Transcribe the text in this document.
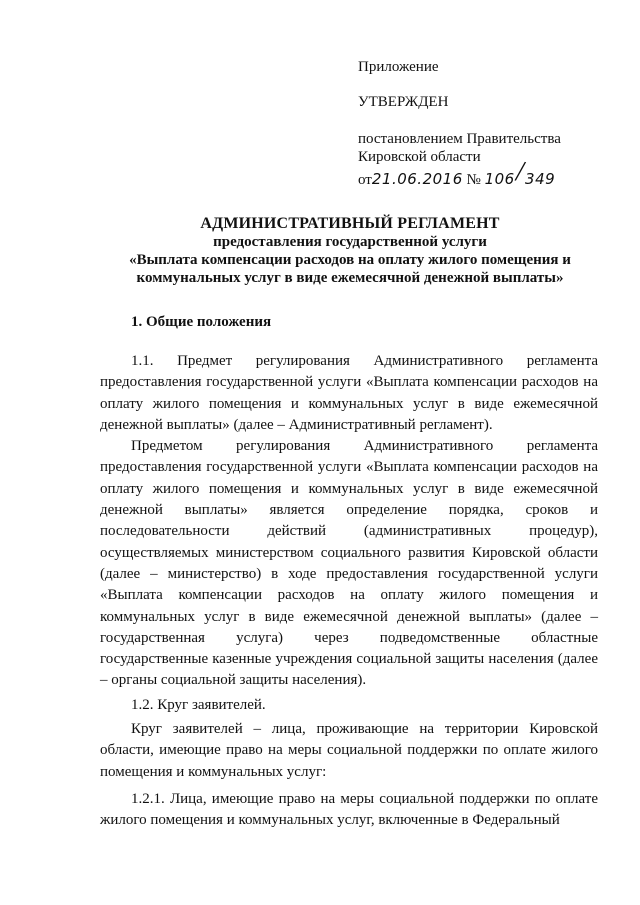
Приложение
УТВЕРЖДЕН
постановлением Правительства
Кировской области
от21.06.2016 № 106/349
АДМИНИСТРАТИВНЫЙ РЕГЛАМЕНТ
предоставления государственной услуги
«Выплата компенсации расходов на оплату жилого помещения и
коммунальных услуг в виде ежемесячной денежной выплаты»
1. Общие положения

1.1. Предмет регулирования Административного регламента предоставления государственной услуги «Выплата компенсации расходов на оплату жилого помещения и коммунальных услуг в виде ежемесячной денежной выплаты» (далее – Административный регламент).

Предметом регулирования Административного регламента предоставления государственной услуги «Выплата компенсации расходов на оплату жилого помещения и коммунальных услуг в виде ежемесячной денежной выплаты» является определение порядка, сроков и последовательности действий (административных процедур), осуществляемых министерством социального развития Кировской области (далее – министерство) в ходе предоставления государственной услуги «Выплата компенсации расходов на оплату жилого помещения и коммунальных услуг в виде ежемесячной денежной выплаты» (далее – государственная услуга) через подведомственные областные государственные казенные учреждения социальной защиты населения (далее – органы социальной защиты населения).

1.2. Круг заявителей.

Круг заявителей – лица, проживающие на территории Кировской области, имеющие право на меры социальной поддержки по оплате жилого помещения и коммунальных услуг:

1.2.1. Лица, имеющие право на меры социальной поддержки по оплате жилого помещения и коммунальных услуг, включенные в Федеральный
